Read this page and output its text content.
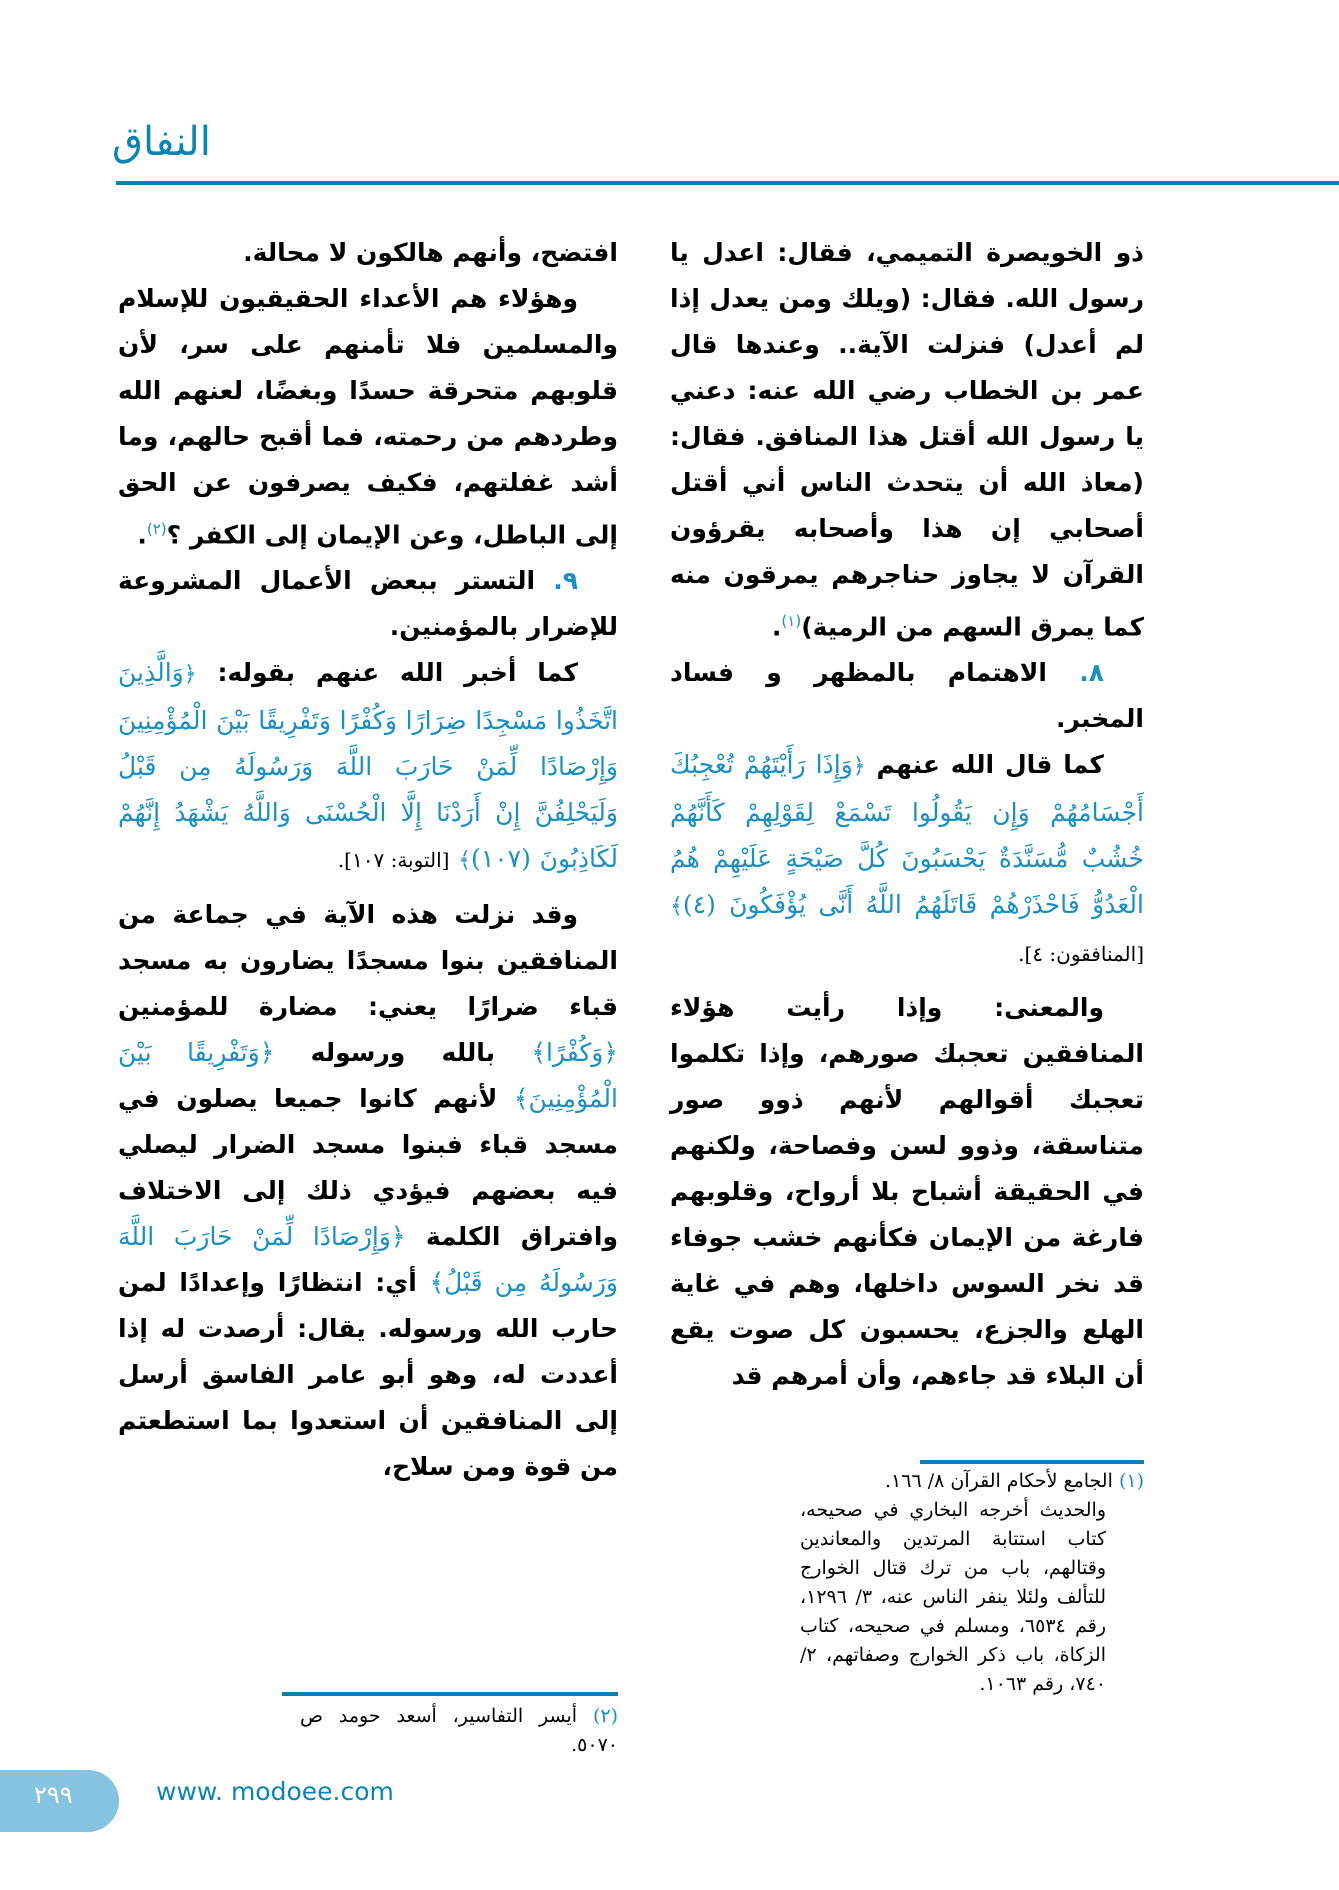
النفاق

ذو الخويصرة التميمي، فقال: اعدل يا رسول الله. فقال: (ويلك ومن يعدل إذا لم أعدل) فنزلت الآية.. وعندها قال عمر بن الخطاب رضي الله عنه: دعني يا رسول الله أقتل هذا المنافق. فقال: (معاذ الله أن يتحدث الناس أني أقتل أصحابي إن هذا وأصحابه يقرؤون القرآن لا يجاوز حناجرهم يمرقون منه كما يمرق السهم من الرمية)$^{(١)}$.

٨. الاهتمام بالمظهر و فساد المخبر.

كما قال الله عنهم ﴿وَإِذَا رَأَيْتَهُمْ تُعْجِبُكَ أَجْسَامُهُمْ وَإِن يَقُولُوا تَسْمَعْ لِقَوْلِهِمْ كَأَنَّهُمْ خُشُبٌ مُّسَنَّدَةٌ يَحْسَبُونَ كُلَّ صَيْحَةٍ عَلَيْهِمْ هُمُ الْعَدُوُّ فَاحْذَرْهُمْ قَاتَلَهُمُ اللَّهُ أَنَّى يُؤْفَكُونَ (٤)﴾ [المنافقون: ٤].

والمعنى: وإذا رأيت هؤلاء المنافقين تعجبك صورهم، وإذا تكلموا تعجبك أقوالهم لأنهم ذوو صور متناسقة، وذوو لسن وفصاحة، ولكنهم في الحقيقة أشباح بلا أرواح، وقلوبهم فارغة من الإيمان فكأنهم خشب جوفاء قد نخر السوس داخلها، وهم في غاية الهلع والجزع، يحسبون كل صوت يقع أن البلاء قد جاءهم، وأن أمرهم قد

افتضح، وأنهم هالكون لا محالة.

وهؤلاء هم الأعداء الحقيقيون للإسلام والمسلمين فلا تأمنهم على سر، لأن قلوبهم متحرقة حسدًا وبغضًا، لعنهم الله وطردهم من رحمته، فما أقبح حالهم، وما أشد غفلتهم، فكيف يصرفون عن الحق إلى الباطل، وعن الإيمان إلى الكفر ؟$^{(٢)}$.

٩. التستر ببعض الأعمال المشروعة للإضرار بالمؤمنين.

كما أخبر الله عنهم بقوله: ﴿وَالَّذِينَ اتَّخَذُوا مَسْجِدًا ضِرَارًا وَكُفْرًا وَتَفْرِيقًا بَيْنَ الْمُؤْمِنِينَ وَإِرْصَادًا لِّمَنْ حَارَبَ اللَّهَ وَرَسُولَهُ مِن قَبْلُ وَلَيَحْلِفُنَّ إِنْ أَرَدْنَا إِلَّا الْحُسْنَى وَاللَّهُ يَشْهَدُ إِنَّهُمْ لَكَاذِبُونَ (١٠٧)﴾ [التوبة: ١٠٧].

وقد نزلت هذه الآية في جماعة من المنافقين بنوا مسجدًا يضارون به مسجد قباء ضرارًا يعني: مضارة للمؤمنين ﴿وَكُفْرًا﴾ بالله ورسوله ﴿وَتَفْرِيقًا بَيْنَ الْمُؤْمِنِينَ﴾ لأنهم كانوا جميعا يصلون في مسجد قباء فبنوا مسجد الضرار ليصلي فيه بعضهم فيؤدي ذلك إلى الاختلاف وافتراق الكلمة ﴿وَإِرْصَادًا لِّمَنْ حَارَبَ اللَّهَ وَرَسُولَهُ مِن قَبْلُ﴾ أي: انتظارًا وإعدادًا لمن حارب الله ورسوله. يقال: أرصدت له إذا أعددت له، وهو أبو عامر الفاسق أرسل إلى المنافقين أن استعدوا بما استطعتم من قوة ومن سلاح،	(١) الجامع لأحكام القرآن ٨/ ١٦٦.
والحديث أخرجه البخاري في صحيحه، كتاب استتابة المرتدين والمعاندين وقتالهم، باب من ترك قتال الخوارج للتألف ولئلا ينفر الناس عنه، ٣/ ١٢٩٦، رقم ٦٥٣٤، ومسلم في صحيحه، كتاب الزكاة، باب ذكر الخوارج وصفاتهم، ٢/ ٧٤٠، رقم ١٠٦٣.
(٢) أيسر التفاسير، أسعد حومد ص ٥٠٧٠.
٢٩٩	www. modoee.com
